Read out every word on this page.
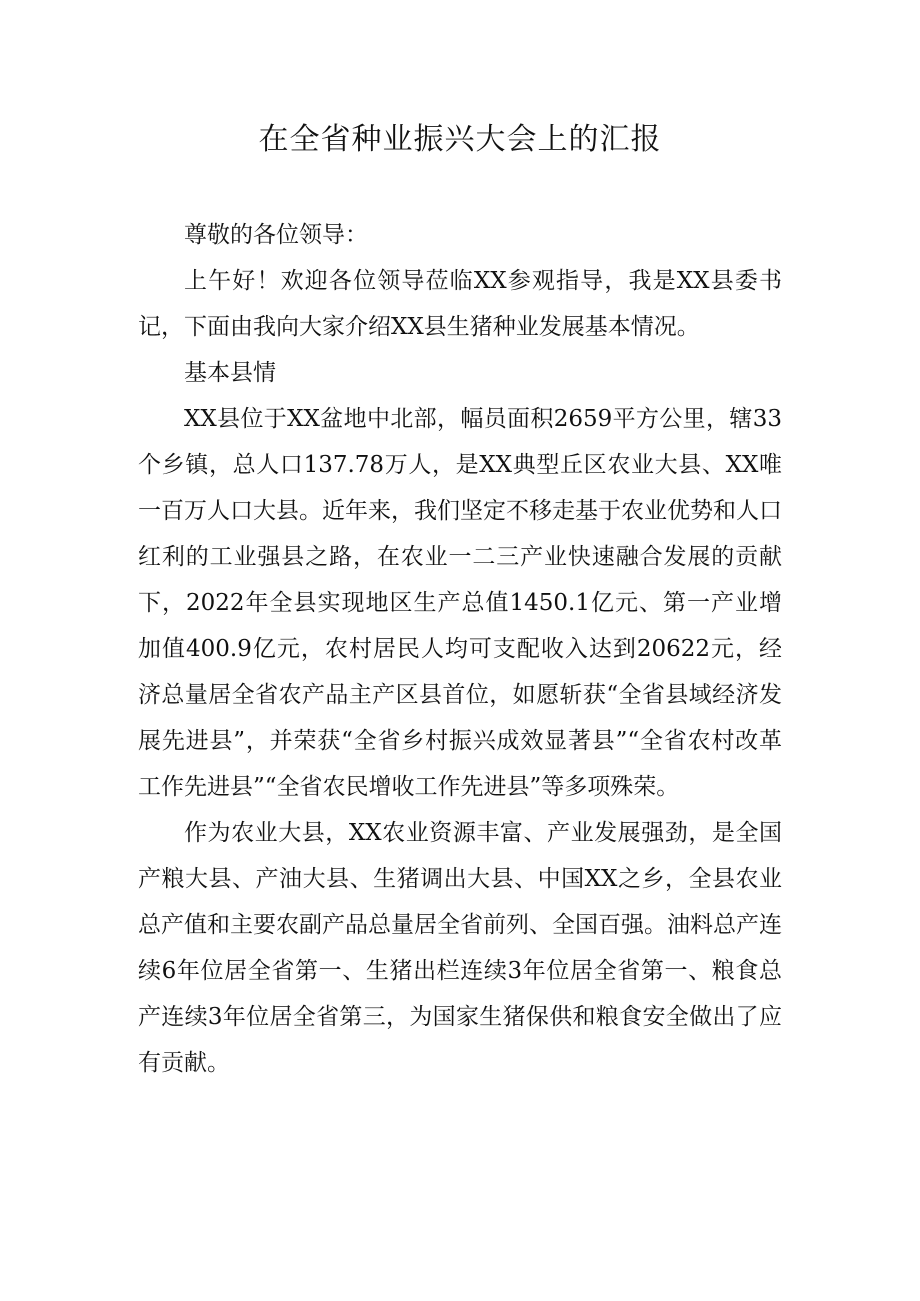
在全省种业振兴大会上的汇报

尊敬的各位领导：

上午好！欢迎各位领导莅临XX参观指导，我是XX县委书记，下面由我向大家介绍XX县生猪种业发展基本情况。

基本县情

XX县位于XX盆地中北部，幅员面积2659平方公里，辖33个乡镇，总人口137.78万人，是XX典型丘区农业大县、XX唯一百万人口大县。近年来，我们坚定不移走基于农业优势和人口红利的工业强县之路，在农业一二三产业快速融合发展的贡献下，2022年全县实现地区生产总值1450.1亿元、第一产业增加值400.9亿元，农村居民人均可支配收入达到20622元，经济总量居全省农产品主产区县首位，如愿斩获“全省县域经济发展先进县”，并荣获“全省乡村振兴成效显著县”“全省农村改革工作先进县”“全省农民增收工作先进县”等多项殊荣。

作为农业大县，XX农业资源丰富、产业发展强劲，是全国产粮大县、产油大县、生猪调出大县、中国XX之乡，全县农业总产值和主要农副产品总量居全省前列、全国百强。油料总产连续6年位居全省第一、生猪出栏连续3年位居全省第一、粮食总产连续3年位居全省第三，为国家生猪保供和粮食安全做出了应有贡献。
